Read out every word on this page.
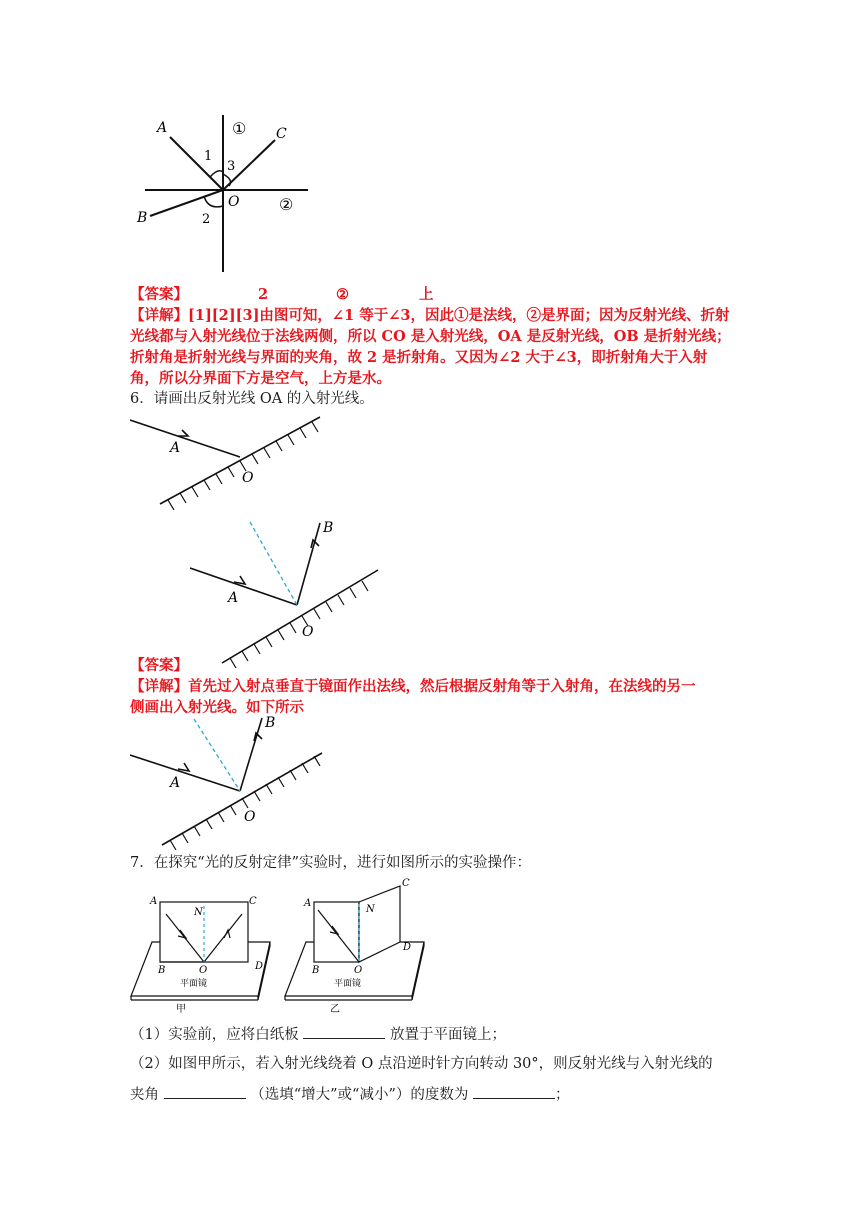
A
B
C
O
1
2
3
①
②
【答案】	2	②	上
【详解】[1][2][3]由图可知，∠1 等于∠3，因此①是法线，②是界面；因为反射光线、折射
光线都与入射光线位于法线两侧，所以 CO 是入射光线，OA 是反射光线，OB 是折射光线；
折射角是折射光线与界面的夹角，故 2 是折射角。又因为∠2 大于∠3，即折射角大于入射
角，所以分界面下方是空气，上方是水。
6．请画出反射光线 OA 的入射光线。
A
O
A
O
B
【答案】
【详解】首先过入射点垂直于镜面作出法线，然后根据反射角等于入射角，在法线的另一
侧画出入射光线。如下所示
A
O
B
7．在探究“光的反射定律”实验时，进行如图所示的实验操作：
A	C
N
B	O	D
平面镜
甲
A
C
N
B	O
D
平面镜
乙
（1）实验前，应将白纸板	放置于平面镜上；
（2）如图甲所示，若入射光线绕着 O 点沿逆时针方向转动 30°，则反射光线与入射光线的
夹角	（选填“增大”或“减小”）的度数为	；
